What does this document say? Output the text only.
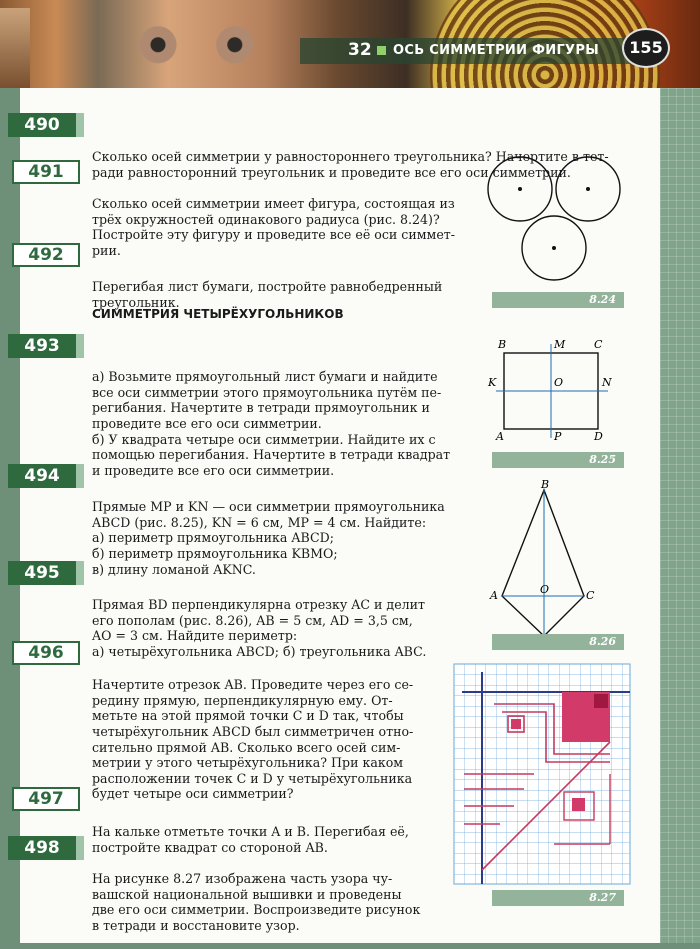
32 ОСЬ СИММЕТРИИ ФИГУРЫ	155
490
491
492
493
494
495
496
497
498

Сколько осей симметрии у равностороннего треугольника? Начертите в тет-
ради равносторонний треугольник и проведите все его оси симметрии.

Сколько осей симметрии имеет фигура, состоящая из
трёх окружностей одинакового радиуса (рис. 8.24)?
Постройте эту фигуру и проведите все её оси симмет-
рии.

Перегибая лист бумаги, постройте равнобедренный
треугольник.

СИММЕТРИЯ ЧЕТЫРЁХУГОЛЬНИКОВ

а) Возьмите прямоугольный лист бумаги и найдите
все оси симметрии этого прямоугольника путём пе-
регибания. Начертите в тетради прямоугольник и
проведите все его оси симметрии.
б) У квадрата четыре оси симметрии. Найдите их с
помощью перегибания. Начертите в тетради квадрат
и проведите все его оси симметрии.

Прямые MP и KN — оси симметрии прямоугольника
ABCD (рис. 8.25), KN = 6 см, MP = 4 см. Найдите:
а) периметр прямоугольника ABCD;
б) периметр прямоугольника KBMO;
в) длину ломаной AKNC.

Прямая BD перпендикулярна отрезку AC и делит
его пополам (рис. 8.26), AB = 5 см, AD = 3,5 см,
AO = 3 см. Найдите периметр:
а) четырёхугольника ABCD; б) треугольника ABC.

Начертите отрезок AB. Проведите через его се-
редину прямую, перпендикулярную ему. От-
метьте на этой прямой точки C и D так, чтобы
четырёхугольник ABCD был симметричен отно-
сительно прямой AB. Сколько всего осей сим-
метрии у этого четырёхугольника? При каком
расположении точек C и D у четырёхугольника
будет четыре оси симметрии?

На кальке отметьте точки A и B. Перегибая её,
постройте квадрат со стороной AB.

На рисунке 8.27 изображена часть узора чу-
вашской национальной вышивки и проведены
две его оси симметрии. Воспроизведите рисунок
в тетради и восстановите узор.

8.24
B	M	C
K	O	N
A	P	D
8.25
B
A	O	C
8.26
8.27
